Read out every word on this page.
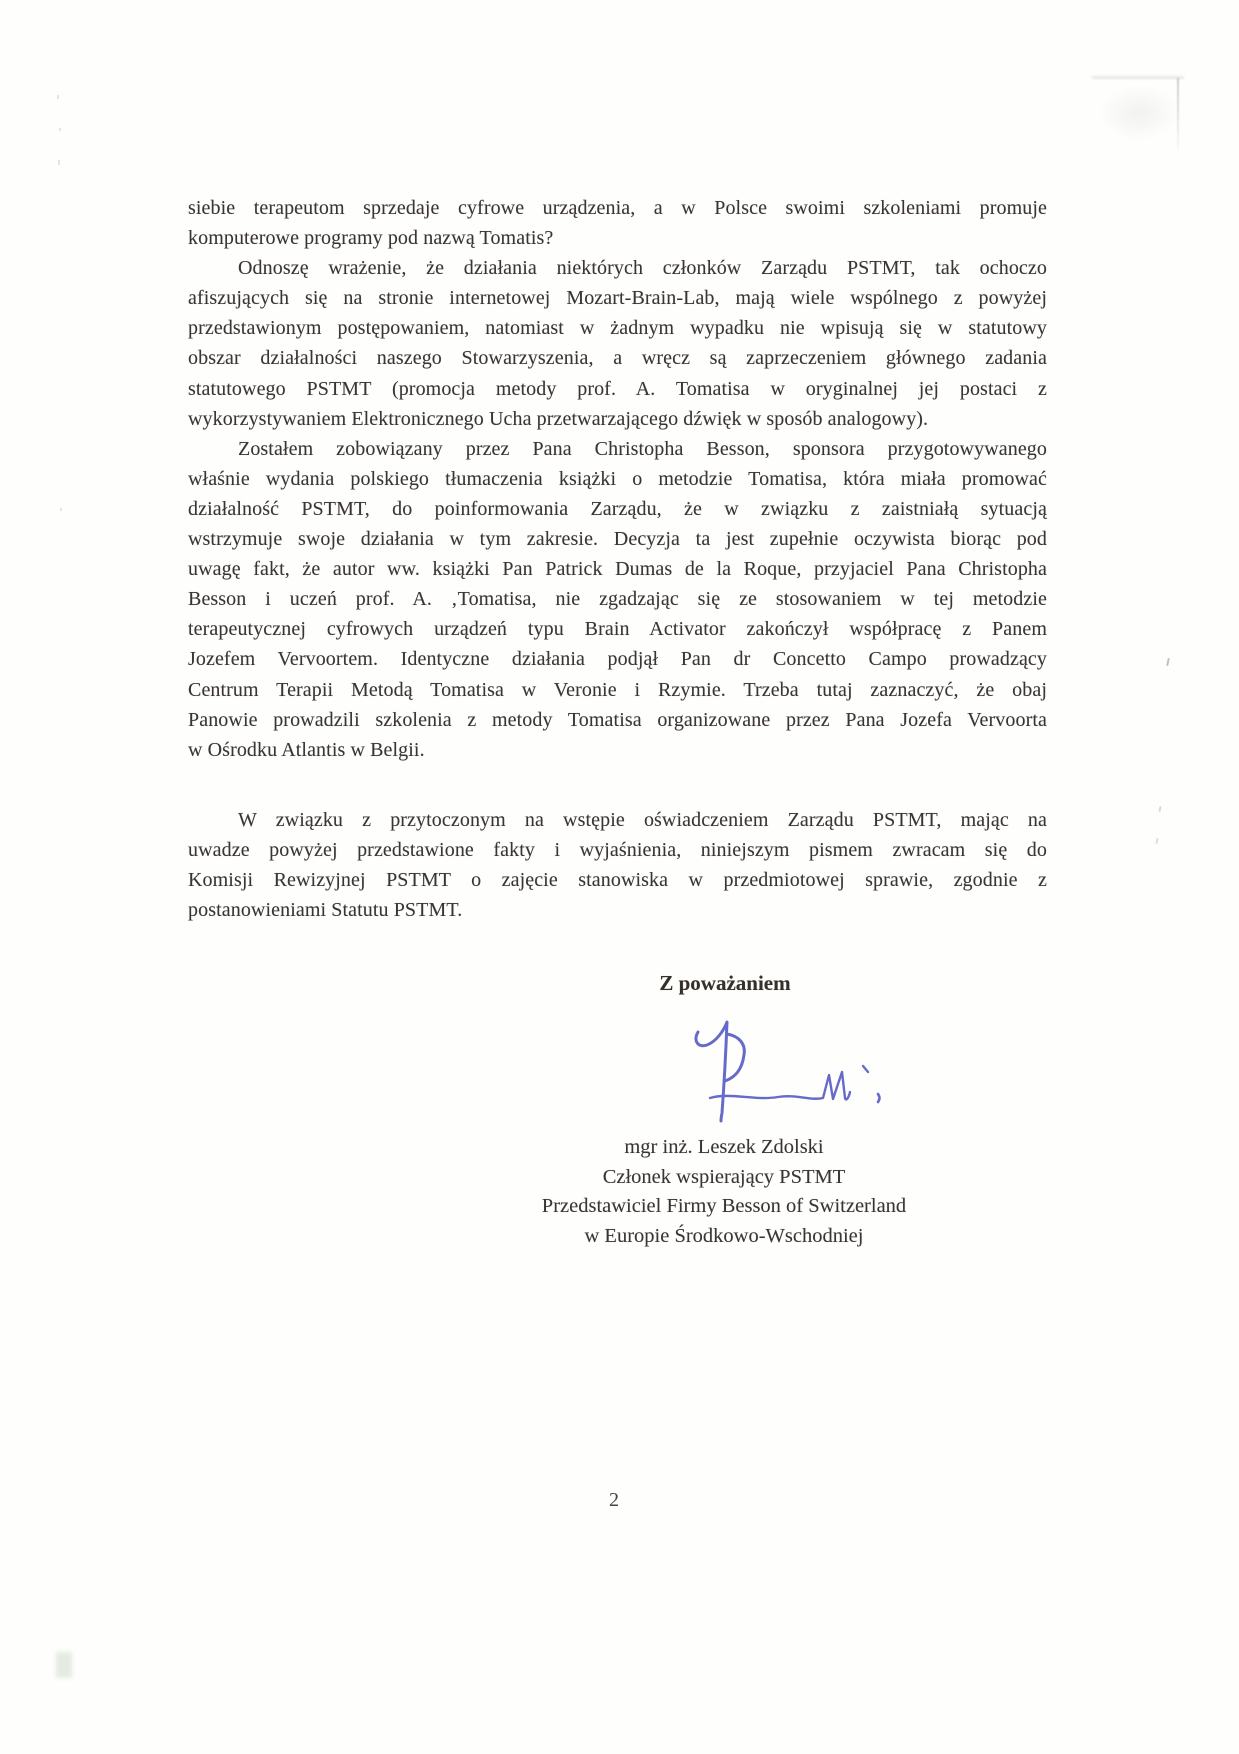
siebie terapeutom sprzedaje cyfrowe urządzenia, a w Polsce swoimi szkoleniami promuje
komputerowe programy pod nazwą Tomatis?
Odnoszę wrażenie, że działania niektórych członków Zarządu PSTMT, tak ochoczo
afiszujących się na stronie internetowej Mozart-Brain-Lab, mają wiele wspólnego z powyżej
przedstawionym postępowaniem, natomiast w żadnym wypadku nie wpisują się w statutowy
obszar działalności naszego Stowarzyszenia, a wręcz są zaprzeczeniem głównego zadania
statutowego PSTMT (promocja metody prof. A. Tomatisa w oryginalnej jej postaci z
wykorzystywaniem Elektronicznego Ucha przetwarzającego dźwięk w sposób analogowy).
Zostałem zobowiązany przez Pana Christopha Besson, sponsora przygotowywanego
właśnie wydania polskiego tłumaczenia książki o metodzie Tomatisa, która miała promować
działalność PSTMT, do poinformowania Zarządu, że w związku z zaistniałą sytuacją
wstrzymuje swoje działania w tym zakresie. Decyzja ta jest zupełnie oczywista biorąc pod
uwagę fakt, że autor ww. książki Pan Patrick Dumas de la Roque, przyjaciel Pana Christopha
Besson i uczeń prof. A. ‚Tomatisa, nie zgadzając się ze stosowaniem w tej metodzie
terapeutycznej cyfrowych urządzeń typu Brain Activator zakończył współpracę z Panem
Jozefem Vervoortem. Identyczne działania podjął Pan dr Concetto Campo prowadzący
Centrum Terapii Metodą Tomatisa w Veronie i Rzymie. Trzeba tutaj zaznaczyć, że obaj
Panowie prowadzili szkolenia z metody Tomatisa organizowane przez Pana Jozefa Vervoorta
w Ośrodku Atlantis w Belgii.
W związku z przytoczonym na wstępie oświadczeniem Zarządu PSTMT, mając na
uwadze powyżej przedstawione fakty i wyjaśnienia, niniejszym pismem zwracam się do
Komisji Rewizyjnej PSTMT o zajęcie stanowiska w przedmiotowej sprawie, zgodnie z
postanowieniami Statutu PSTMT.
Z poważaniem
mgr inż. Leszek Zdolski
Członek wspierający PSTMT
Przedstawiciel Firmy Besson of Switzerland
w Europie Środkowo-Wschodniej
2
